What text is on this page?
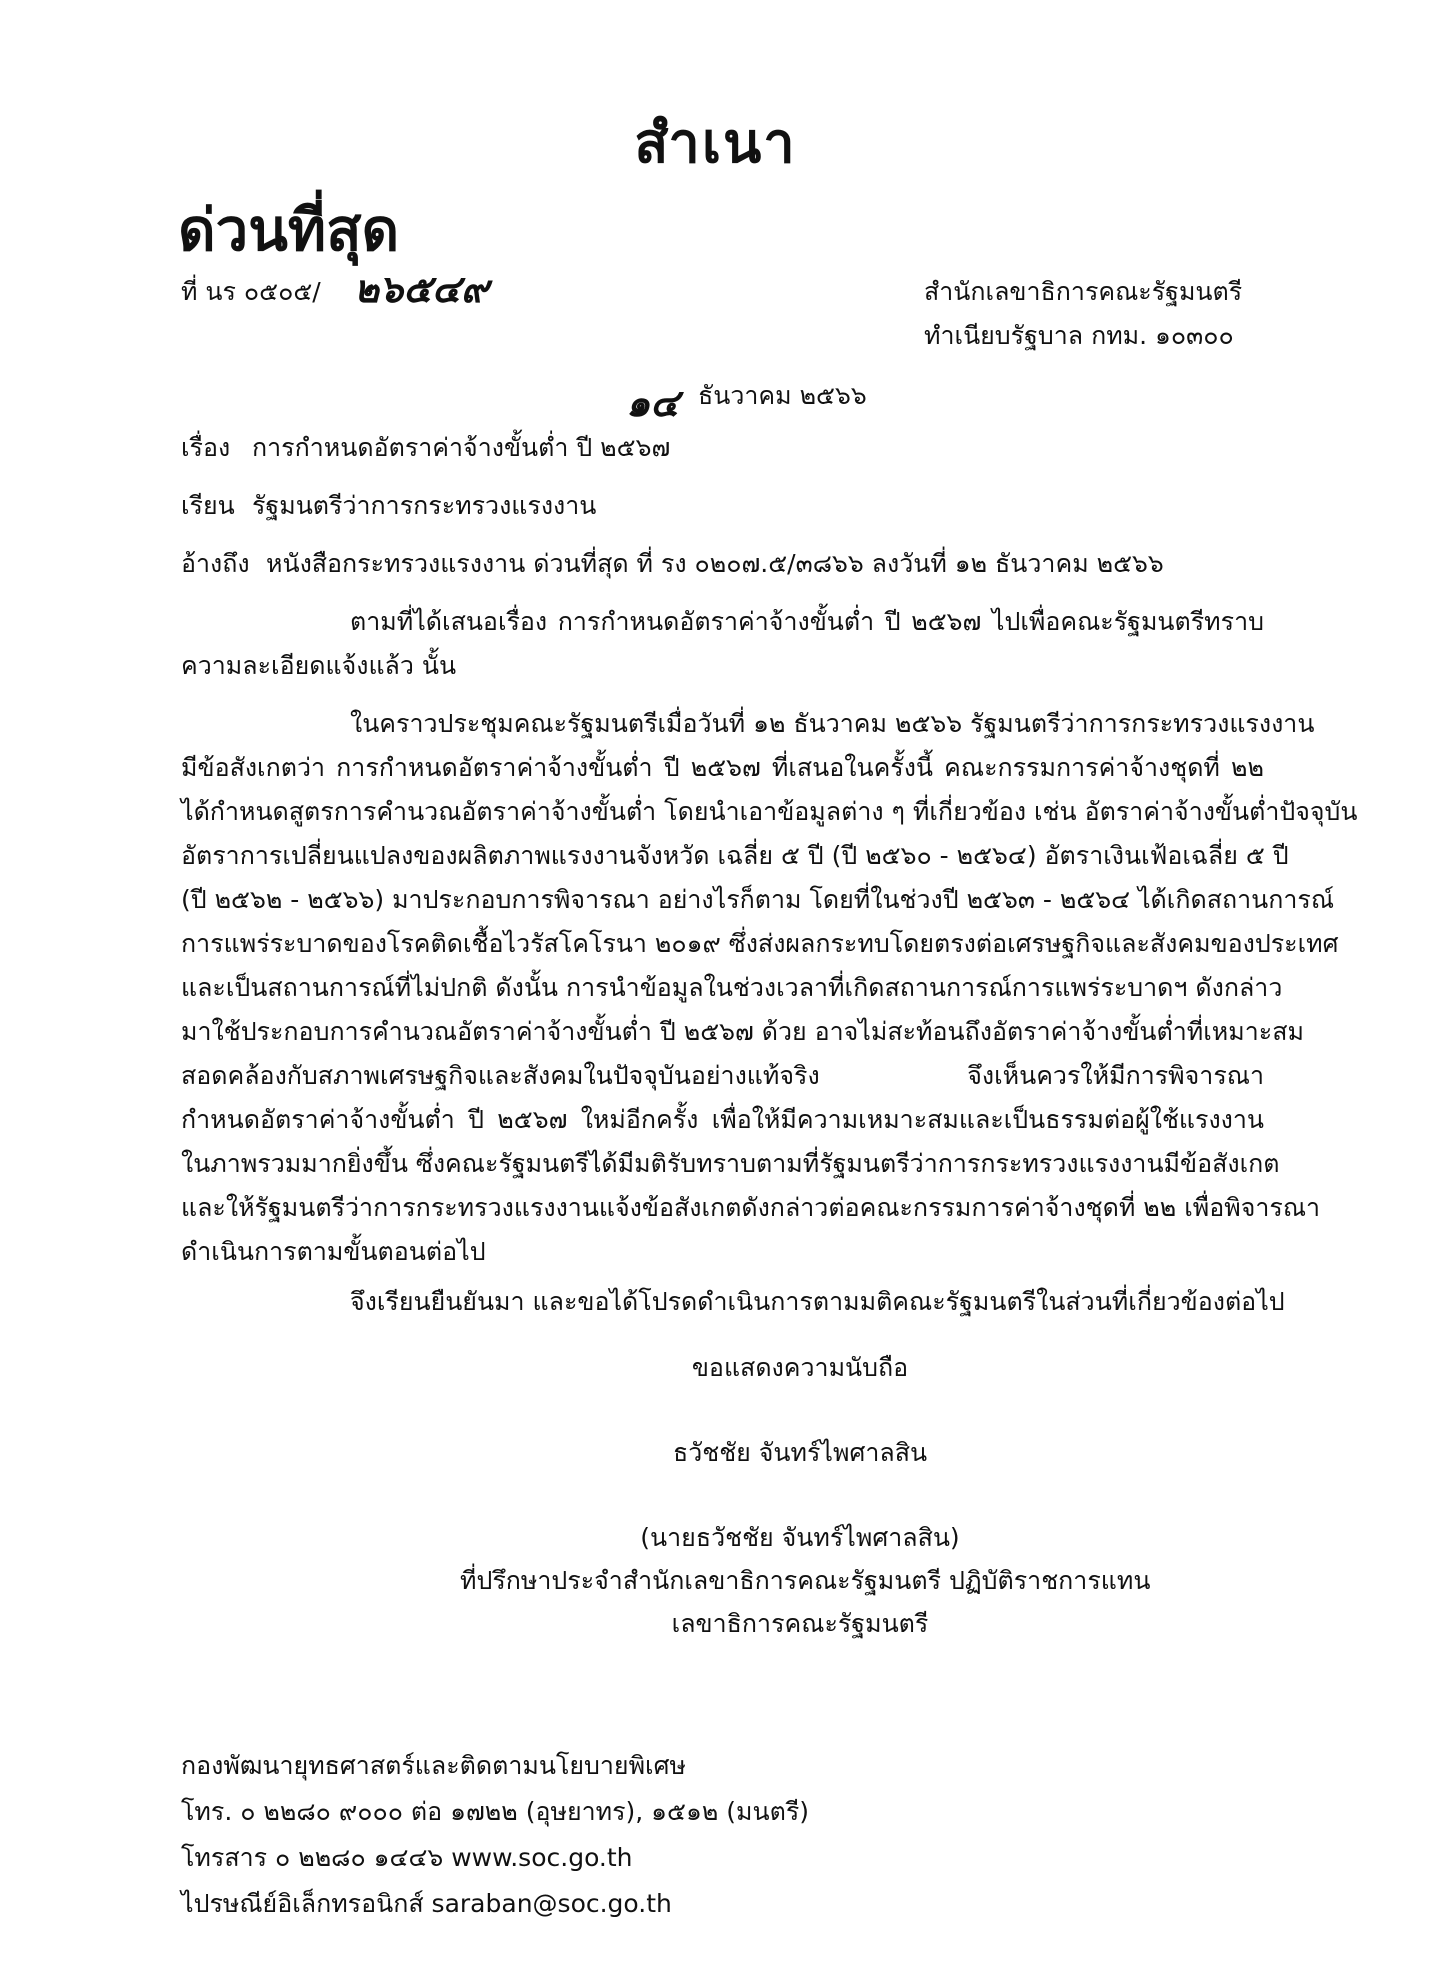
สำเนา
ด่วนที่สุด
ที่ นร ๐๕๐๕/ ๒๖๕๔๙	สำนักเลขาธิการคณะรัฐมนตรี
ทำเนียบรัฐบาล กทม. ๑๐๓๐๐
๑๔ ธันวาคม ๒๕๖๖
เรื่อง การกำหนดอัตราค่าจ้างขั้นต่ำ ปี ๒๕๖๗
เรียน รัฐมนตรีว่าการกระทรวงแรงงาน
อ้างถึง หนังสือกระทรวงแรงงาน ด่วนที่สุด ที่ รง ๐๒๐๗.๕/๓๘๖๖ ลงวันที่ ๑๒ ธันวาคม ๒๕๖๖
ตามที่ได้เสนอเรื่อง การกำหนดอัตราค่าจ้างขั้นต่ำ ปี ๒๕๖๗ ไปเพื่อคณะรัฐมนตรีทราบ
ความละเอียดแจ้งแล้ว นั้น
ในคราวประชุมคณะรัฐมนตรีเมื่อวันที่ ๑๒ ธันวาคม ๒๕๖๖ รัฐมนตรีว่าการกระทรวงแรงงาน
มีข้อสังเกตว่า การกำหนดอัตราค่าจ้างขั้นต่ำ ปี ๒๕๖๗ ที่เสนอในครั้งนี้ คณะกรรมการค่าจ้างชุดที่ ๒๒
ได้กำหนดสูตรการคำนวณอัตราค่าจ้างขั้นต่ำ โดยนำเอาข้อมูลต่าง ๆ ที่เกี่ยวข้อง เช่น อัตราค่าจ้างขั้นต่ำปัจจุบัน
อัตราการเปลี่ยนแปลงของผลิตภาพแรงงานจังหวัด เฉลี่ย ๕ ปี (ปี ๒๕๖๐ - ๒๕๖๔) อัตราเงินเฟ้อเฉลี่ย ๕ ปี
(ปี ๒๕๖๒ - ๒๕๖๖) มาประกอบการพิจารณา อย่างไรก็ตาม โดยที่ในช่วงปี ๒๕๖๓ - ๒๕๖๔ ได้เกิดสถานการณ์
การแพร่ระบาดของโรคติดเชื้อไวรัสโคโรนา ๒๐๑๙ ซึ่งส่งผลกระทบโดยตรงต่อเศรษฐกิจและสังคมของประเทศ
และเป็นสถานการณ์ที่ไม่ปกติ ดังนั้น การนำข้อมูลในช่วงเวลาที่เกิดสถานการณ์การแพร่ระบาดฯ ดังกล่าว
มาใช้ประกอบการคำนวณอัตราค่าจ้างขั้นต่ำ ปี ๒๕๖๗ ด้วย อาจไม่สะท้อนถึงอัตราค่าจ้างขั้นต่ำที่เหมาะสม
สอดคล้องกับสภาพเศรษฐกิจและสังคมในปัจจุบันอย่างแท้จริง จึงเห็นควรให้มีการพิจารณา
กำหนดอัตราค่าจ้างขั้นต่ำ ปี ๒๕๖๗ ใหม่อีกครั้ง เพื่อให้มีความเหมาะสมและเป็นธรรมต่อผู้ใช้แรงงาน
ในภาพรวมมากยิ่งขึ้น ซึ่งคณะรัฐมนตรีได้มีมติรับทราบตามที่รัฐมนตรีว่าการกระทรวงแรงงานมีข้อสังเกต
และให้รัฐมนตรีว่าการกระทรวงแรงงานแจ้งข้อสังเกตดังกล่าวต่อคณะกรรมการค่าจ้างชุดที่ ๒๒ เพื่อพิจารณา
ดำเนินการตามขั้นตอนต่อไป
จึงเรียนยืนยันมา และขอได้โปรดดำเนินการตามมติคณะรัฐมนตรีในส่วนที่เกี่ยวข้องต่อไป
ขอแสดงความนับถือ
ธวัชชัย จันทร์ไพศาลสิน
(นายธวัชชัย จันทร์ไพศาลสิน)
ที่ปรึกษาประจำสำนักเลขาธิการคณะรัฐมนตรี ปฏิบัติราชการแทน
เลขาธิการคณะรัฐมนตรี
กองพัฒนายุทธศาสตร์และติดตามนโยบายพิเศษ
โทร. ๐ ๒๒๘๐ ๙๐๐๐ ต่อ ๑๗๒๒ (อุษยาทร), ๑๕๑๒ (มนตรี)
โทรสาร ๐ ๒๒๘๐ ๑๔๔๖ www.soc.go.th
ไปรษณีย์อิเล็กทรอนิกส์ saraban@soc.go.th
